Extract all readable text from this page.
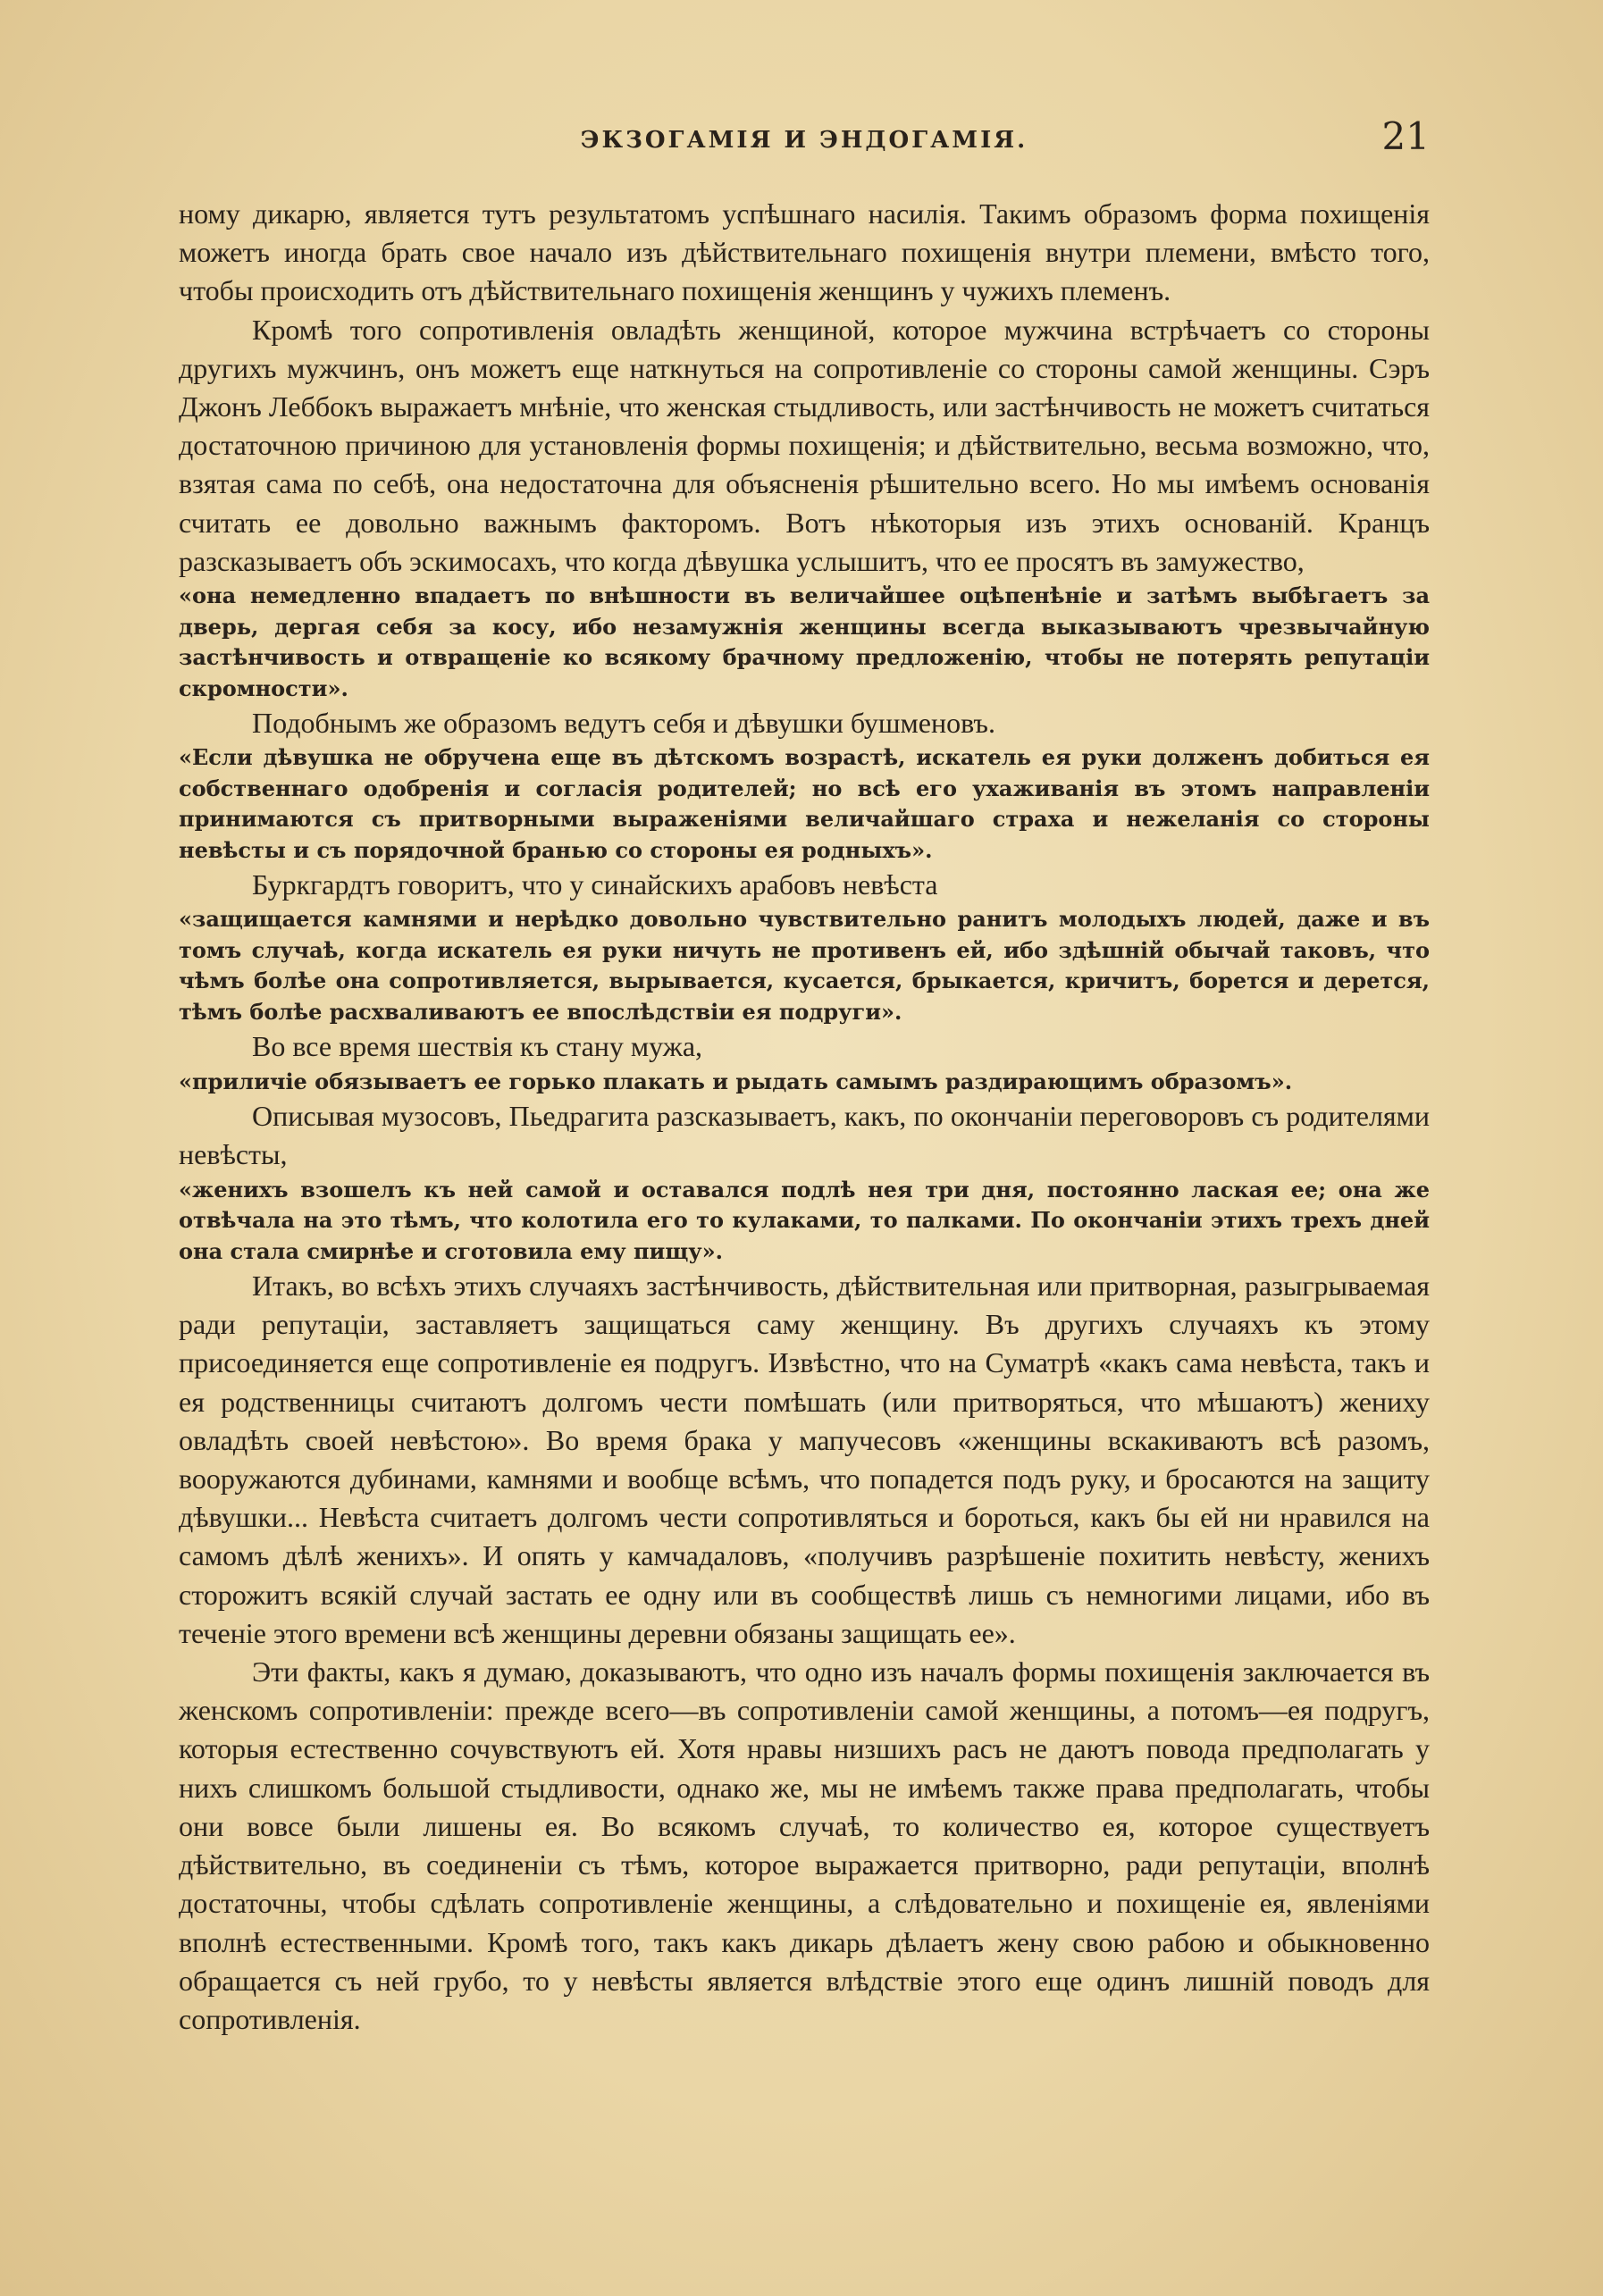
ЭКЗОГАМІЯ И ЭНДОГАМІЯ.	21

ному дикарю, является тутъ результатомъ успѣшнаго насилія. Такимъ образомъ форма похищенія можетъ иногда брать свое начало изъ дѣйствительнаго похищенія внутри племени, вмѣсто того, чтобы происходить отъ дѣйствительнаго похищенія женщинъ у чужихъ племенъ.

Кромѣ того сопротивленія овладѣть женщиной, которое мужчина встрѣчаетъ со стороны другихъ мужчинъ, онъ можетъ еще наткнуться на сопротивленіе со стороны самой женщины. Сэръ Джонъ Леббокъ выражаетъ мнѣніе, что женская стыдливость, или застѣнчивость не можетъ считаться достаточною причиною для установленія формы похищенія; и дѣйствительно, весьма возможно, что, взятая сама по себѣ, она недостаточна для объясненія рѣшительно всего. Но мы имѣемъ основанія считать ее довольно важнымъ факторомъ. Вотъ нѣкоторыя изъ этихъ основаній. Кранцъ разсказываетъ объ эскимосахъ, что когда дѣвушка услышитъ, что ее просятъ въ замужество,

«она немедленно впадаетъ по внѣшности въ величайшее оцѣпенѣніе и затѣмъ выбѣгаетъ за дверь, дергая себя за косу, ибо незамужнія женщины всегда выказываютъ чрезвычайную застѣнчивость и отвращеніе ко всякому брачному предложенію, чтобы не потерять репутаціи скромности».

Подобнымъ же образомъ ведутъ себя и дѣвушки бушменовъ.

«Если дѣвушка не обручена еще въ дѣтскомъ возрастѣ, искатель ея руки долженъ добиться ея собственнаго одобренія и согласія родителей; но всѣ его ухаживанія въ этомъ направленіи принимаются съ притворными выраженіями величайшаго страха и нежеланія со стороны невѣсты и съ порядочной бранью со стороны ея родныхъ».

Буркгардтъ говоритъ, что у синайскихъ арабовъ невѣста

«защищается камнями и нерѣдко довольно чувствительно ранитъ молодыхъ людей, даже и въ томъ случаѣ, когда искатель ея руки ничуть не противенъ ей, ибо здѣшній обычай таковъ, что чѣмъ болѣе она сопротивляется, вырывается, кусается, брыкается, кричитъ, борется и дерется, тѣмъ болѣе расхваливаютъ ее впослѣдствіи ея подруги».

Во все время шествія къ стану мужа,

«приличіе обязываетъ ее горько плакать и рыдать самымъ раздирающимъ образомъ».

Описывая музосовъ, Пьедрагита разсказываетъ, какъ, по окончаніи переговоровъ съ родителями невѣсты,

«женихъ взошелъ къ ней самой и оставался подлѣ нея три дня, постоянно лаская ее; она же отвѣчала на это тѣмъ, что колотила его то кулаками, то палками. По окончаніи этихъ трехъ дней она стала смирнѣе и сготовила ему пищу».

Итакъ, во всѣхъ этихъ случаяхъ застѣнчивость, дѣйствительная или притворная, разыгрываемая ради репутаціи, заставляетъ защищаться саму женщину. Въ другихъ случаяхъ къ этому присоединяется еще сопротивленіе ея подругъ. Извѣстно, что на Суматрѣ «какъ сама невѣста, такъ и ея родственницы считаютъ долгомъ чести помѣшать (или притворяться, что мѣшаютъ) жениху овладѣть своей невѣстою». Во время брака у мапучесовъ «женщины вскакиваютъ всѣ разомъ, вооружаются дубинами, камнями и вообще всѣмъ, что попадется подъ руку, и бросаются на защиту дѣвушки... Невѣста считаетъ долгомъ чести сопротивляться и бороться, какъ бы ей ни нравился на самомъ дѣлѣ женихъ». И опять у камчадаловъ, «получивъ разрѣшеніе похитить невѣсту, женихъ сторожитъ всякій случай застать ее одну или въ сообществѣ лишь съ немногими лицами, ибо въ теченіе этого времени всѣ женщины деревни обязаны защищать ее».

Эти факты, какъ я думаю, доказываютъ, что одно изъ началъ формы похищенія заключается въ женскомъ сопротивленіи: прежде всего—въ сопротивленіи самой женщины, а потомъ—ея подругъ, которыя естественно сочувствуютъ ей. Хотя нравы низшихъ расъ не даютъ повода предполагать у нихъ слишкомъ большой стыдливости, однако же, мы не имѣемъ также права предполагать, чтобы они вовсе были лишены ея. Во всякомъ случаѣ, то количество ея, которое существуетъ дѣйствительно, въ соединеніи съ тѣмъ, которое выражается притворно, ради репутаціи, вполнѣ достаточны, чтобы сдѣлать сопротивленіе женщины, а слѣдовательно и похищеніе ея, явленіями вполнѣ естественными. Кромѣ того, такъ какъ дикарь дѣлаетъ жену свою рабою и обыкновенно обращается съ ней грубо, то у невѣсты является влѣдствіе этого еще одинъ лишній поводъ для сопротивленія.
